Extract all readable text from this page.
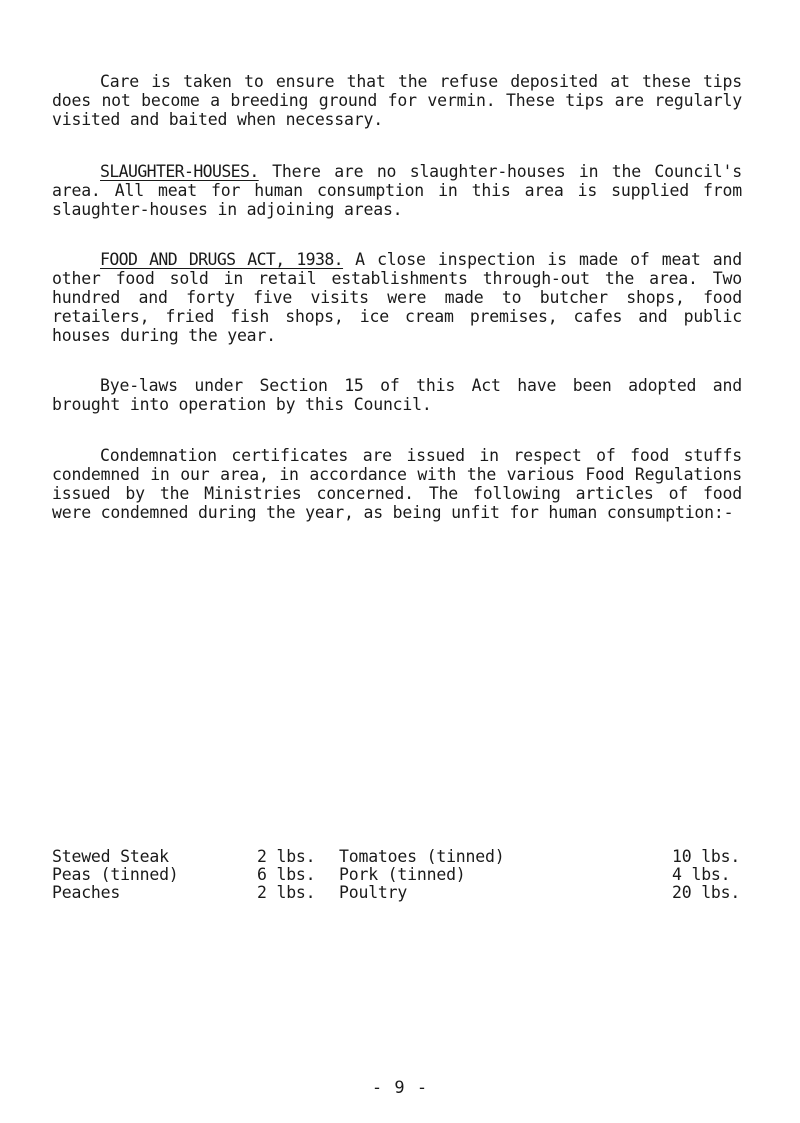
Care is taken to ensure that the refuse deposited at these tips does not become a breeding ground for vermin. These tips are regularly visited and baited when necessary.

SLAUGHTER-HOUSES. There are no slaughter-houses in the Council's area. All meat for human consumption in this area is supplied from slaughter-houses in adjoining areas.

FOOD AND DRUGS ACT, 1938. A close inspection is made of meat and other food sold in retail establishments through-out the area. Two hundred and forty five visits were made to butcher shops, food retailers, fried fish shops, ice cream premises, cafes and public houses during the year.

Bye-laws under Section 15 of this Act have been adopted and brought into operation by this Council.

Condemnation certificates are issued in respect of food stuffs condemned in our area, in accordance with the various Food Regulations issued by the Ministries concerned. The following articles of food were condemned during the year, as being unfit for human consumption:-

Stewed Steak	2 lbs. Tomatoes (tinned)	10 lbs.
Peas (tinned)	6 lbs. Pork (tinned)	4 lbs.
Peaches	2 lbs. Poultry	20 lbs.
- 9 -
